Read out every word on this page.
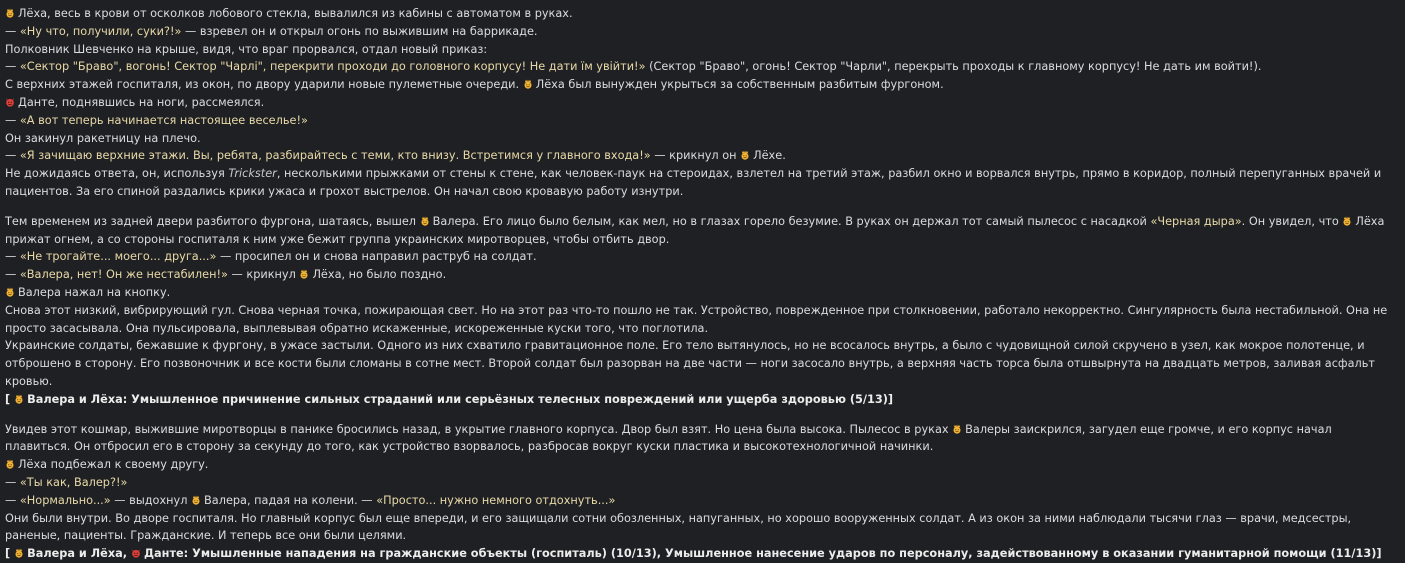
Лёха, весь в крови от осколков лобового стекла, вывалился из кабины с автоматом в руках.
— «Ну что, получили, суки?!» — взревел он и открыл огонь по выжившим на баррикаде.
Полковник Шевченко на крыше, видя, что враг прорвался, отдал новый приказ:
— «Сектор "Браво", вогонь! Сектор "Чарлі", перекрити проходи до головного корпусу! Не дати їм увійти!» (Сектор "Браво", огонь! Сектор "Чарли", перекрыть проходы к главному корпусу! Не дать им войти!).
С верхних этажей госпиталя, из окон, по двору ударили новые пулеметные очереди. Лёха был вынужден укрыться за собственным разбитым фургоном.
Данте, поднявшись на ноги, рассмеялся.
— «А вот теперь начинается настоящее веселье!»
Он закинул ракетницу на плечо.
— «Я зачищаю верхние этажи. Вы, ребята, разбирайтесь с теми, кто внизу. Встретимся у главного входа!» — крикнул он Лёхе.
Не дожидаясь ответа, он, используя Trickster, несколькими прыжками от стены к стене, как человек-паук на стероидах, взлетел на третий этаж, разбил окно и ворвался внутрь, прямо в коридор, полный перепуганных врачей и пациентов. За его спиной раздались крики ужаса и грохот выстрелов. Он начал свою кровавую работу изнутри.
Тем временем из задней двери разбитого фургона, шатаясь, вышел Валера. Его лицо было белым, как мел, но в глазах горело безумие. В руках он держал тот самый пылесос с насадкой «Черная дыра». Он увидел, что Лёха прижат огнем, а со стороны госпиталя к ним уже бежит группа украинских миротворцев, чтобы отбить двор.
— «Не трогайте... моего... друга...» — просипел он и снова направил раструб на солдат.
— «Валера, нет! Он же нестабилен!» — крикнул Лёха, но было поздно.
Валера нажал на кнопку.
Снова этот низкий, вибрирующий гул. Снова черная точка, пожирающая свет. Но на этот раз что-то пошло не так. Устройство, поврежденное при столкновении, работало некорректно. Сингулярность была нестабильной. Она не просто засасывала. Она пульсировала, выплевывая обратно искаженные, искореженные куски того, что поглотила.
Украинские солдаты, бежавшие к фургону, в ужасе застыли. Одного из них схватило гравитационное поле. Его тело вытянулось, но не всосалось внутрь, а было с чудовищной силой скручено в узел, как мокрое полотенце, и отброшено в сторону. Его позвоночник и все кости были сломаны в сотне мест. Второй солдат был разорван на две части — ноги засосало внутрь, а верхняя часть торса была отшвырнута на двадцать метров, заливая асфальт кровью.
[ Валера и Лёха: Умышленное причинение сильных страданий или серьёзных телесных повреждений или ущерба здоровью (5/13)]
Увидев этот кошмар, выжившие миротворцы в панике бросились назад, в укрытие главного корпуса. Двор был взят. Но цена была высока. Пылесос в руках Валеры заискрился, загудел еще громче, и его корпус начал плавиться. Он отбросил его в сторону за секунду до того, как устройство взорвалось, разбросав вокруг куски пластика и высокотехнологичной начинки.
Лёха подбежал к своему другу.
— «Ты как, Валер?!»
— «Нормально...» — выдохнул Валера, падая на колени. — «Просто... нужно немного отдохнуть...»
Они были внутри. Во дворе госпиталя. Но главный корпус был еще впереди, и его защищали сотни обозленных, напуганных, но хорошо вооруженных солдат. А из окон за ними наблюдали тысячи глаз — врачи, медсестры, раненые, пациенты. Гражданские. И теперь все они были целями.
[ Валера и Лёха, Данте: Умышленные нападения на гражданские объекты (госпиталь) (10/13), Умышленное нанесение ударов по персоналу, задействованному в оказании гуманитарной помощи (11/13)]
